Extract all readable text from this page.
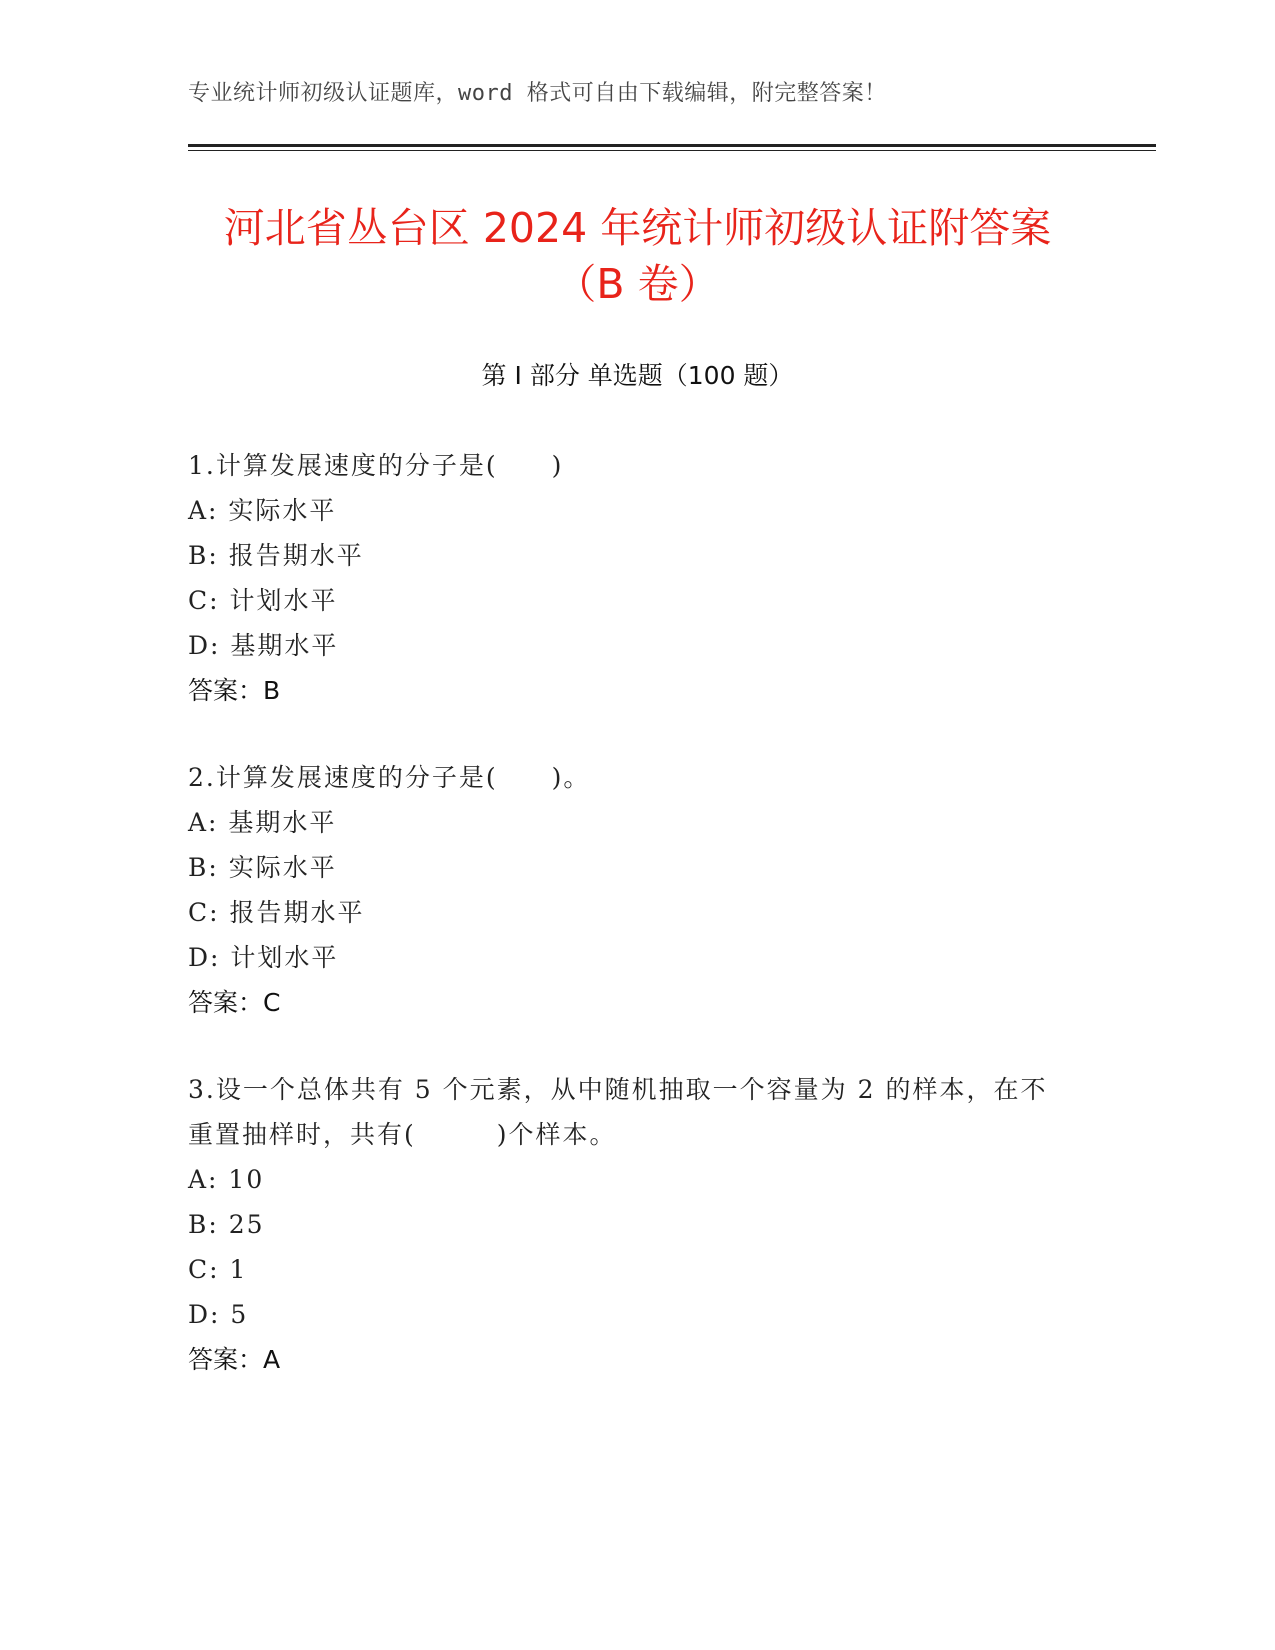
专业统计师初级认证题库，word 格式可自由下载编辑，附完整答案！
河北省丛台区 2024 年统计师初级认证附答案
（B 卷）
第 I 部分 单选题（100 题）
1.计算发展速度的分子是(　　)
A: 实际水平
B: 报告期水平
C: 计划水平
D: 基期水平
答案：B
2.计算发展速度的分子是(　　)。
A: 基期水平
B: 实际水平
C: 报告期水平
D: 计划水平
答案：C
3.设一个总体共有 5 个元素，从中随机抽取一个容量为 2 的样本，在不重置抽样时，共有(　　　)个样本。
A: 10
B: 25
C: 1
D: 5
答案：A
